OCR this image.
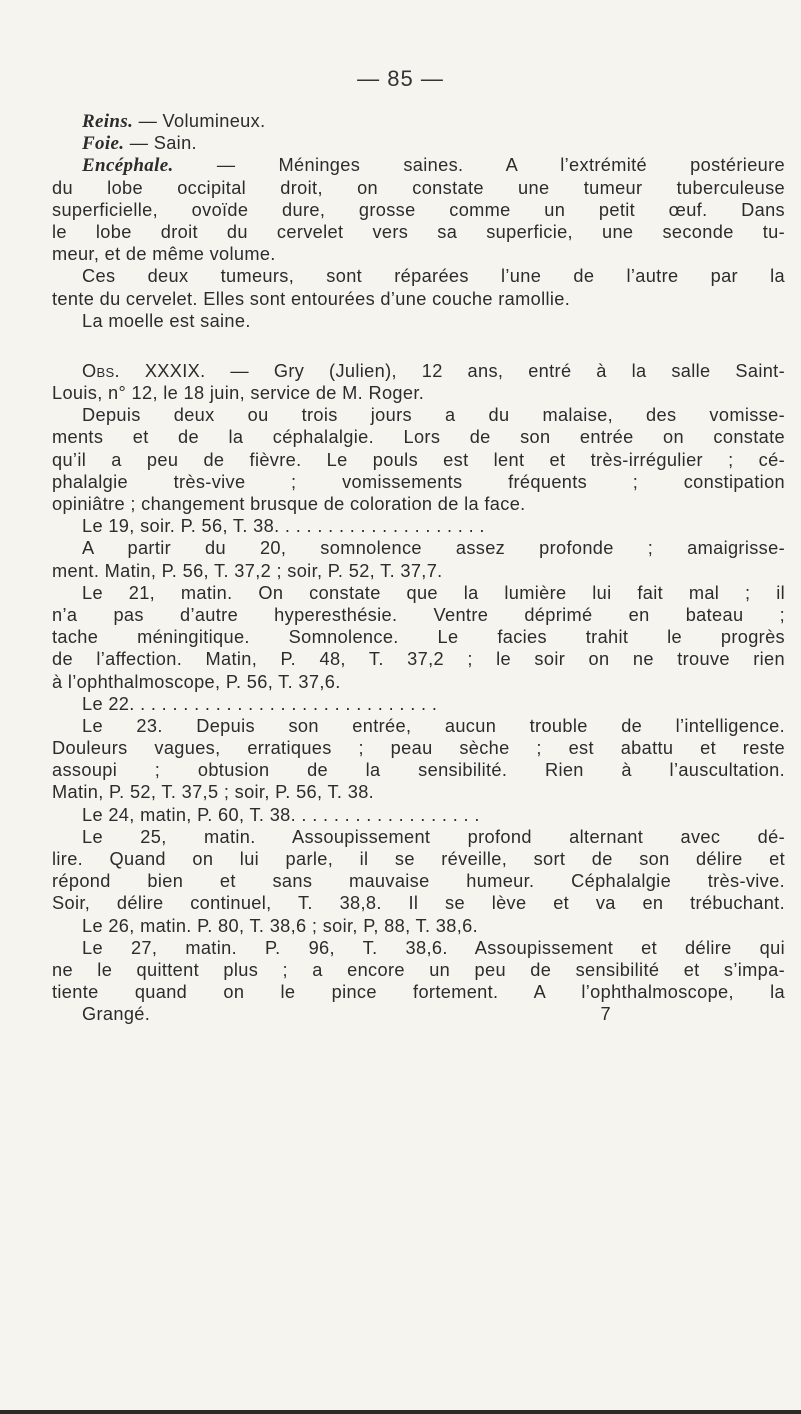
— 85 —
Reins. — Volumineux.
Foie. — Sain.
Encéphale. — Méninges saines. A l’extrémité postérieure
du lobe occipital droit, on constate une tumeur tuberculeuse
superficielle, ovoïde dure, grosse comme un petit œuf. Dans
le lobe droit du cervelet vers sa superficie, une seconde tu-
meur, et de même volume.
Ces deux tumeurs, sont réparées l’une de l’autre par la
tente du cervelet. Elles sont entourées d’une couche ramollie.
La moelle est saine.
Obs. XXXIX. — Gry (Julien), 12 ans, entré à la salle Saint-
Louis, n° 12, le 18 juin, service de M. Roger.
Depuis deux ou trois jours a du malaise, des vomisse-
ments et de la céphalalgie. Lors de son entrée on constate
qu’il a peu de fièvre. Le pouls est lent et très-irrégulier ; cé-
phalalgie très-vive ; vomissements fréquents ; constipation
opiniâtre ; changement brusque de coloration de la face.
Le 19, soir. P. 56, T. 38. . . . . . . . . . . . . . . . . . . .
A partir du 20, somnolence assez profonde ; amaigrisse-
ment. Matin, P. 56, T. 37,2 ; soir, P. 52, T. 37,7.
Le 21, matin. On constate que la lumière lui fait mal ; il
n’a pas d’autre hyperesthésie. Ventre déprimé en bateau ;
tache méningitique. Somnolence. Le facies trahit le progrès
de l’affection. Matin, P. 48, T. 37,2 ; le soir on ne trouve rien
à l’ophthalmoscope, P. 56, T. 37,6.
Le 22. . . . . . . . . . . . . . . . . . . . . . . . . . . . .
Le 23. Depuis son entrée, aucun trouble de l’intelligence.
Douleurs vagues, erratiques ; peau sèche ; est abattu et reste
assoupi ; obtusion de la sensibilité. Rien à l’auscultation.
Matin, P. 52, T. 37,5 ; soir, P. 56, T. 38.
Le 24, matin, P. 60, T. 38. . . . . . . . . . . . . . . . . .
Le 25, matin. Assoupissement profond alternant avec dé-
lire. Quand on lui parle, il se réveille, sort de son délire et
répond bien et sans mauvaise humeur. Céphalalgie très-vive.
Soir, délire continuel, T. 38,8. Il se lève et va en trébuchant.
Le 26, matin. P. 80, T. 38,6 ; soir, P, 88, T. 38,6.
Le 27, matin. P. 96, T. 38,6. Assoupissement et délire qui
ne le quittent plus ; a encore un peu de sensibilité et s’impa-
tiente quand on le pince fortement. A l’ophthalmoscope, la
Grangé.	7
